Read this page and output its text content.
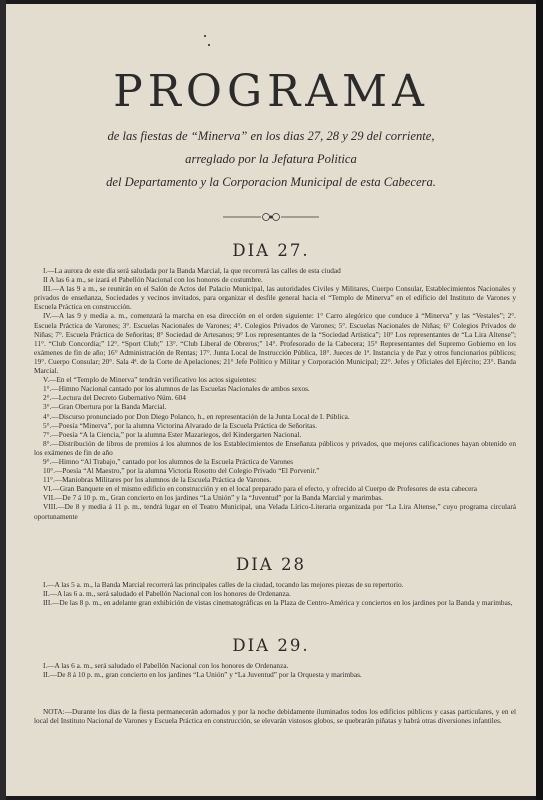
PROGRAMA
de las fiestas de “Minerva” en los dias 27, 28 y 29 del corriente,
arreglado por la Jefatura Politica
del Departamento y la Corporacion Municipal de esta Cabecera.
DIA 27.

I.—La aurora de este día será saludada por la Banda Marcial, la que recorrerá las calles de esta ciudad

II A las 6 a m., se izará el Pabellón Nacional con los honores de costumbre.

III.—A las 9 a m., se reunirán en el Salón de Actos del Palacio Municipal, las autoridades Civiles y Militares, Cuerpo Consular, Establecimientos Nacionales y privados de enseñanza, Sociedades y vecinos invitados, para organizar el desfile general hacia el “Templo de Minerva” en el edificio del Instituto de Varones y Escuela Práctica en construcción.

IV.—A las 9 y media a. m., comenzará la marcha en esa dirección en el orden siguiente: 1° Carro alegórico que conduce á “Minerva” y las “Vestales”; 2°. Escuela Práctica de Varones; 3°. Escuelas Nacionales de Varones; 4°. Colegios Privados de Varones; 5°. Escuelas Nacionales de Niñas; 6° Colegios Privados de Niñas; 7°. Escuela Práctica de Señoritas; 8° Sociedad de Artesanos; 9° Los representantes de la “Sociedad Artística”; 10° Los representantes de “La Lira Altense”; 11°. “Club Concordia;” 12°. “Sport Club;” 13°. “Club Liberal de Obreros;” 14°. Profesorado de la Cabecera; 15° Representantes del Supremo Gobierno en los exámenes de fin de año; 16° Administración de Rentas; 17°. Junta Local de Instrucción Pública, 18°. Jueces de 1ª. Instancia y de Paz y otros funcionarios públicos; 19°. Cuerpo Consular; 20°. Sala 4ª. de la Corte de Apelaciones; 21° Jefe Político y Militar y Corporación Municipal; 22°. Jefes y Oficiales del Ejército; 23°. Banda Marcial.

V.—En el “Templo de Minerva” tendrán verificativo los actos siguientes:

1°.—Himno Nacional cantado por los alumnos de las Escuelas Nacionales de ambos sexos.

2°.—Lectura del Decreto Gubernativo Núm. 604

3°.—Gran Obertura por la Banda Marcial.

4°.—Discurso pronunciado por Don Diego Polanco, h., en representación de la Junta Local de I. Pública.

5°.—Poesía “Minerva”, por la alumna Victorina Alvarado de la Escuela Práctica de Señoritas.

7°.—Poesía “A la Ciencia,” por la alumna Ester Mazariegos, del Kindergarten Nacional.

8°.—Distribución de libros de premios á los alumnos de los Establecimientos de Enseñanza públicos y privados, que mejores calificaciones hayan obtenido en los exámenes de fin de año

9°.—Himno “Al Trabajo,” cantado por los alumnos de la Escuela Práctica de Varones

10°.—Poesía “Al Maestro,” por la alumna Victoria Rosotto del Colegio Privado “El Porvenir.”

11°.—Maniobras Militares por los alumnos de la Escuela Práctica de Varones.

VI.—Gran Banquete en el mismo edificio en construcción y en el local preparado para el efecto, y ofrecido al Cuerpo de Profesores de esta cabecera

VII.—De 7 á 10 p. m., Gran concierto en los jardines “La Unión” y la “Juventud” por la Banda Marcial y marimbas.

VIII.—De 8 y media á 11 p. m., tendrá lugar en el Teatro Municipal, una Velada Lírico-Literaria organizada por “La Lira Altense,” cuyo programa circulará oportunamente

DIA 28

I.—A las 5 a. m., la Banda Marcial recorrerá las principales calles de la ciudad, tocando las mejores piezas de su repertorio.

II.—A las 6 a. m., será saludado el Pabellón Nacional con los honores de Ordenanza.

III.—De las 8 p. m., en adelante gran exhibición de vistas cinematográficas en la Plaza de Centro-América y conciertos en los jardines por la Banda y marimbas,

DIA 29.

I.—A las 6 a. m., será saludado el Pabellón Nacional con los honores de Ordenanza.

II.—De 8 á 10 p. m., gran concierto en los jardines “La Unión” y “La Juventud” por la Orquesta y marimbas.

NOTA:—Durante los dias de la fiesta permanecerán adornados y por la noche debidamente iluminados todos los edificios públicos y casas particulares, y en el local del Instituto Nacional de Varones y Escuela Práctica en construcción, se elevarán vistosos globos, se quebrarán piñatas y habrá otras diversiones infantiles.
